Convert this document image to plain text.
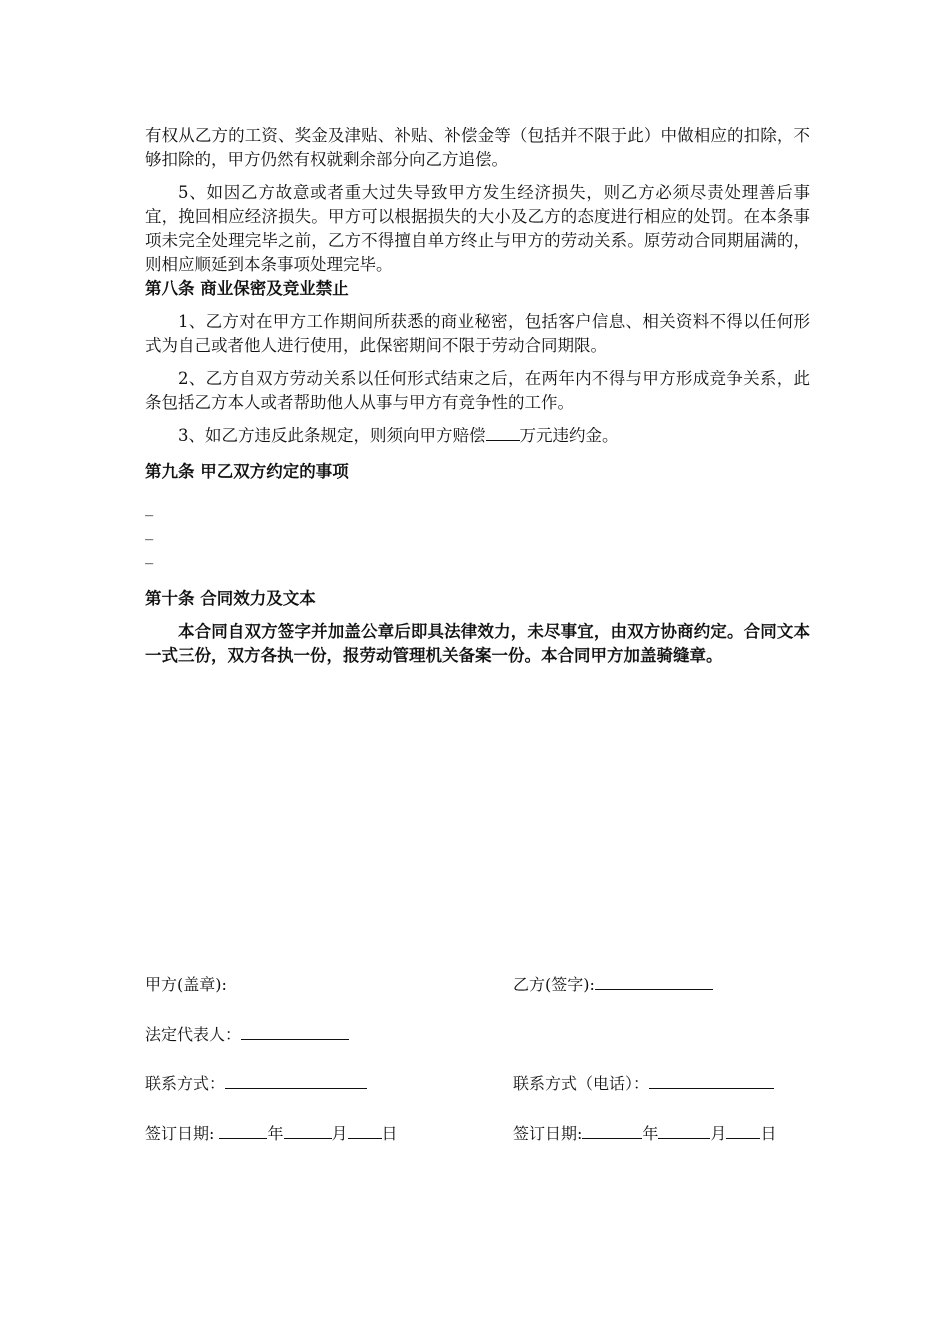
有权从乙方的工资、奖金及津贴、补贴、补偿金等（包括并不限于此）中做相应的扣除，不够扣除的，甲方仍然有权就剩余部分向乙方追偿。

5、如因乙方故意或者重大过失导致甲方发生经济损失，则乙方必须尽责处理善后事宜，挽回相应经济损失。甲方可以根据损失的大小及乙方的态度进行相应的处罚。在本条事项未完全处理完毕之前，乙方不得擅自单方终止与甲方的劳动关系。原劳动合同期届满的，则相应顺延到本条事项处理完毕。

第八条 商业保密及竞业禁止

1、乙方对在甲方工作期间所获悉的商业秘密，包括客户信息、相关资料不得以任何形式为自己或者他人进行使用，此保密期间不限于劳动合同期限。

2、乙方自双方劳动关系以任何形式结束之后，在两年内不得与甲方形成竞争关系，此条包括乙方本人或者帮助他人从事与甲方有竞争性的工作。

3、如乙方违反此条规定，则须向甲方赔偿 万元违约金。

第九条 甲乙双方约定的事项

_

_

_

第十条 合同效力及文本

本合同自双方签字并加盖公章后即具法律效力，未尽事宜，由双方协商约定。合同文本一式三份，双方各执一份，报劳动管理机关备案一份。本合同甲方加盖骑缝章。

甲方(盖章):	乙方(签字):
法定代表人：
联系方式：	联系方式（电话）：
签订日期:	年	月 日	签订日期:	年	月 日
